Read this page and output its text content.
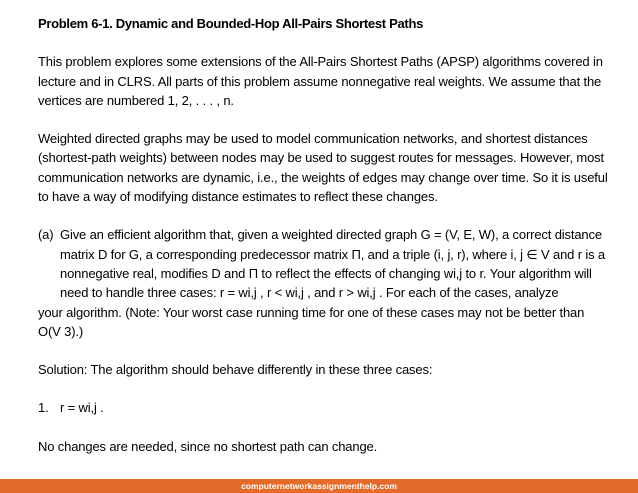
Problem 6-1. Dynamic and Bounded-Hop All-Pairs Shortest Paths

This problem explores some extensions of the All-Pairs Shortest Paths (APSP) algorithms covered in lecture and in CLRS. All parts of this problem assume nonnegative real weights. We assume that the vertices are numbered 1, 2, . . . , n.

Weighted directed graphs may be used to model communication networks, and shortest distances (shortest-path weights) between nodes may be used to suggest routes for messages. However, most communication networks are dynamic, i.e., the weights of edges may change over time. So it is useful to have a way of modifying distance estimates to reflect these changes.

(a) Give an efficient algorithm that, given a weighted directed graph G = (V, E, W), a correct distance matrix D for G, a corresponding predecessor matrix Π, and a triple (i, j, r), where i, j ∈ V and r is a nonnegative real, modifies D and Π to reflect the effects of changing wi,j to r. Your algorithm will need to handle three cases: r = wi,j , r < wi,j , and r > wi,j . For each of the cases, analyze

your algorithm. (Note: Your worst case running time for one of these cases may not be better than O(V 3).)

Solution: The algorithm should behave differently in these three cases:

1. r = wi,j .

No changes are needed, since no shortest path can change.

computernetworkassignmenthelp.com
